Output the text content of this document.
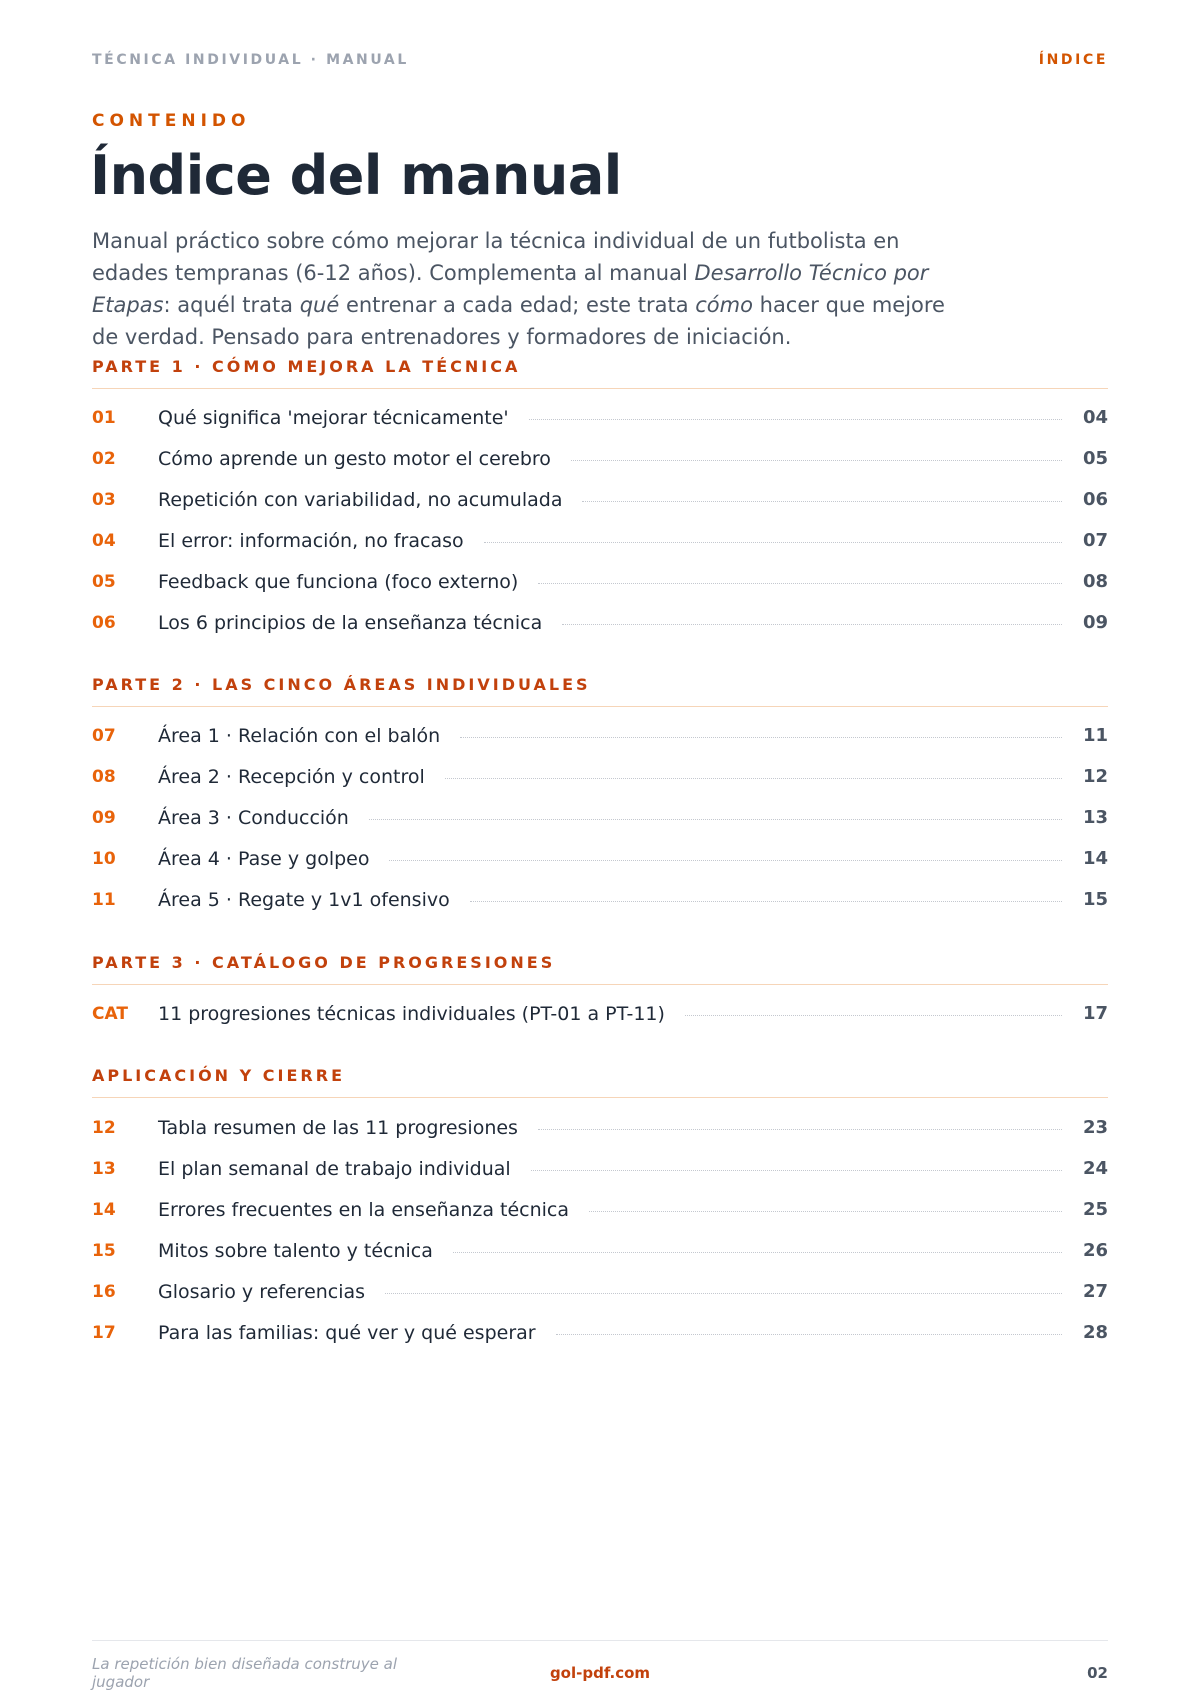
TÉCNICA INDIVIDUAL · MANUAL	ÍNDICE
CONTENIDO
Índice del manual

Manual práctico sobre cómo mejorar la técnica individual de un futbolista en edades tempranas (6-12 años). Complementa al manual Desarrollo Técnico por Etapas: aquél trata qué entrenar a cada edad; este trata cómo hacer que mejore de verdad. Pensado para entrenadores y formadores de iniciación.

PARTE 1 · CÓMO MEJORA LA TÉCNICA
01	Qué significa 'mejorar técnicamente'	04
02	Cómo aprende un gesto motor el cerebro	05
03	Repetición con variabilidad, no acumulada	06
04	El error: información, no fracaso	07
05	Feedback que funciona (foco externo)	08
06	Los 6 principios de la enseñanza técnica	09
PARTE 2 · LAS CINCO ÁREAS INDIVIDUALES
07	Área 1 · Relación con el balón	11
08	Área 2 · Recepción y control	12
09	Área 3 · Conducción	13
10	Área 4 · Pase y golpeo	14
11	Área 5 · Regate y 1v1 ofensivo	15
PARTE 3 · CATÁLOGO DE PROGRESIONES
CAT	11 progresiones técnicas individuales (PT-01 a PT-11)	17
APLICACIÓN Y CIERRE
12	Tabla resumen de las 11 progresiones	23
13	El plan semanal de trabajo individual	24
14	Errores frecuentes en la enseñanza técnica	25
15	Mitos sobre talento y técnica	26
16	Glosario y referencias	27
17	Para las familias: qué ver y qué esperar	28
La repetición bien diseñada construye al jugador	gol-pdf.com	02
